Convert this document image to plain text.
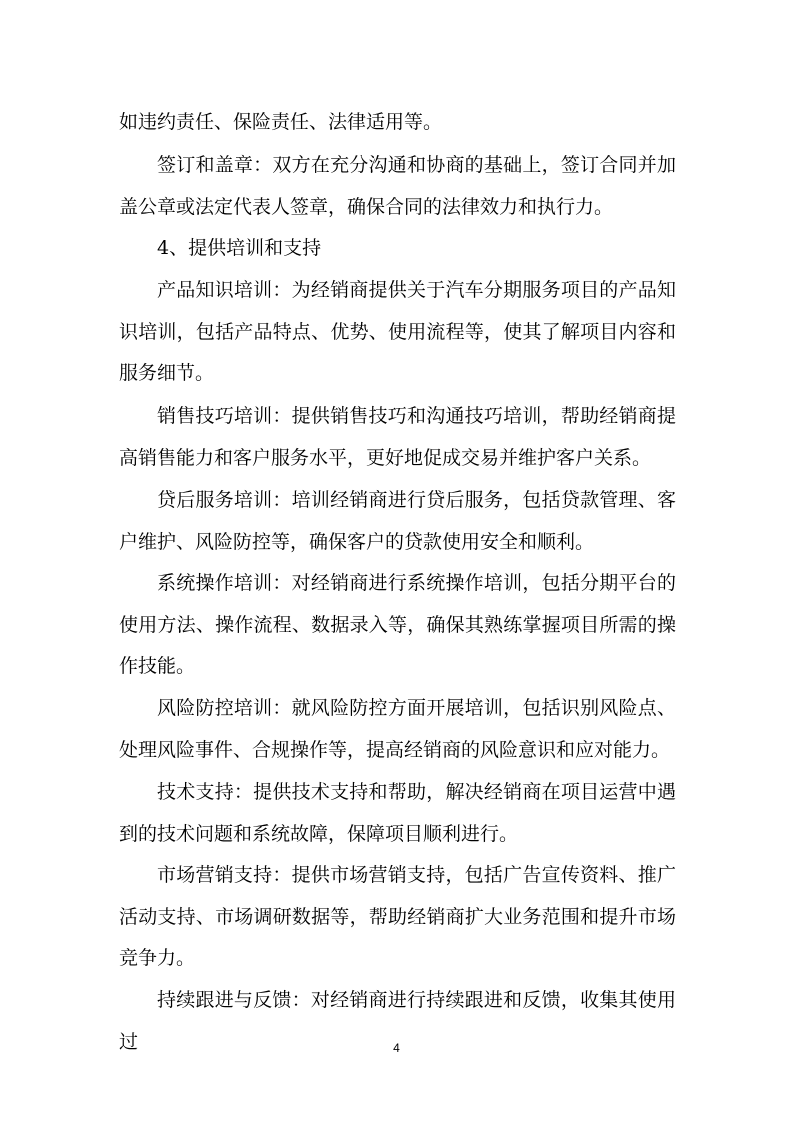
如违约责任、保险责任、法律适用等。

签订和盖章：双方在充分沟通和协商的基础上，签订合同并加盖公章或法定代表人签章，确保合同的法律效力和执行力。

4、提供培训和支持

产品知识培训：为经销商提供关于汽车分期服务项目的产品知识培训，包括产品特点、优势、使用流程等，使其了解项目内容和服务细节。

销售技巧培训：提供销售技巧和沟通技巧培训，帮助经销商提高销售能力和客户服务水平，更好地促成交易并维护客户关系。

贷后服务培训：培训经销商进行贷后服务，包括贷款管理、客户维护、风险防控等，确保客户的贷款使用安全和顺利。

系统操作培训：对经销商进行系统操作培训，包括分期平台的使用方法、操作流程、数据录入等，确保其熟练掌握项目所需的操作技能。

风险防控培训：就风险防控方面开展培训，包括识别风险点、处理风险事件、合规操作等，提高经销商的风险意识和应对能力。

技术支持：提供技术支持和帮助，解决经销商在项目运营中遇到的技术问题和系统故障，保障项目顺利进行。

市场营销支持：提供市场营销支持，包括广告宣传资料、推广活动支持、市场调研数据等，帮助经销商扩大业务范围和提升市场竞争力。

持续跟进与反馈：对经销商进行持续跟进和反馈，收集其使用过	4
